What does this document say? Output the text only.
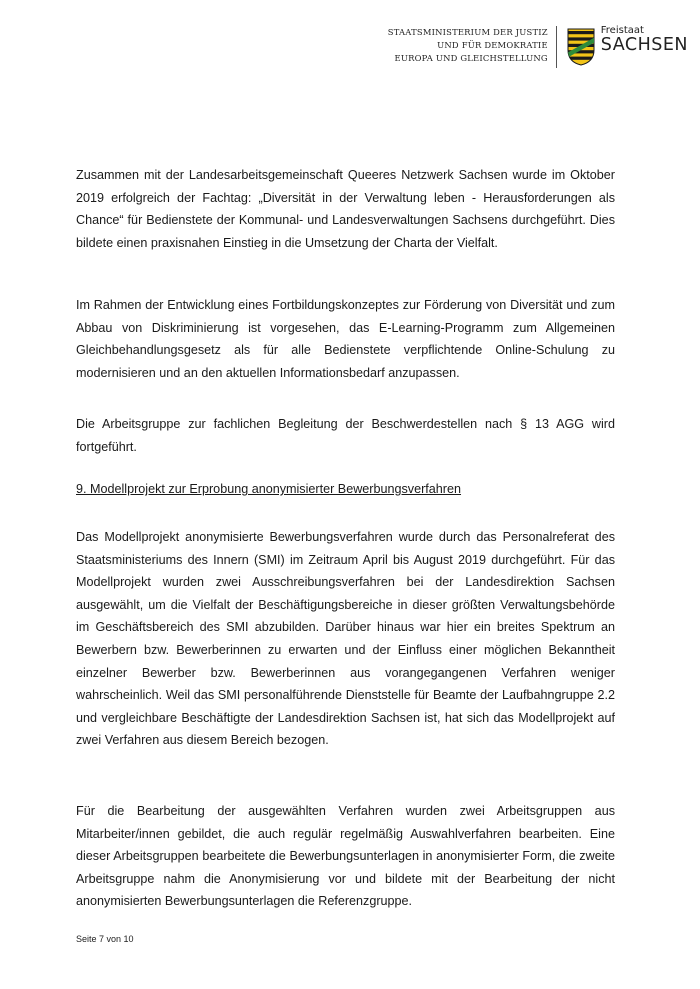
STAATSMINISTERIUM DER JUSTIZ
UND FÜR DEMOKRATIE
EUROPA UND GLEICHSTELLUNG
Freistaat
SACHSEN

Zusammen mit der Landesarbeitsgemeinschaft Queeres Netzwerk Sachsen wurde im Oktober 2019 erfolgreich der Fachtag: „Diversität in der Verwaltung leben - Herausforderungen als Chance“ für Bedienstete der Kommunal- und Landesverwaltungen Sachsens durchgeführt. Dies bildete einen praxisnahen Einstieg in die Umsetzung der Charta der Vielfalt.

Im Rahmen der Entwicklung eines Fortbildungskonzeptes zur Förderung von Diversität und zum Abbau von Diskriminierung ist vorgesehen, das E-Learning-Programm zum Allgemeinen Gleichbehandlungsgesetz als für alle Bedienstete verpflichtende Online-Schulung zu modernisieren und an den aktuellen Informationsbedarf anzupassen.

Die Arbeitsgruppe zur fachlichen Begleitung der Beschwerdestellen nach § 13 AGG wird fortgeführt.

9. Modellprojekt zur Erprobung anonymisierter Bewerbungsverfahren

Das Modellprojekt anonymisierte Bewerbungsverfahren wurde durch das Personalreferat des Staatsministeriums des Innern (SMI) im Zeitraum April bis August 2019 durchgeführt. Für das Modellprojekt wurden zwei Ausschreibungsverfahren bei der Landesdirektion Sachsen ausgewählt, um die Vielfalt der Beschäftigungsbereiche in dieser größten Verwaltungsbehörde im Geschäftsbereich des SMI abzubilden. Darüber hinaus war hier ein breites Spektrum an Bewerbern bzw. Bewerberinnen zu erwarten und der Einfluss einer möglichen Bekanntheit einzelner Bewerber bzw. Bewerberinnen aus vorangegangenen Verfahren weniger wahrscheinlich. Weil das SMI personalführende Dienststelle für Beamte der Laufbahngruppe 2.2 und vergleichbare Beschäftigte der Landesdirektion Sachsen ist, hat sich das Modellprojekt auf zwei Verfahren aus diesem Bereich bezogen.

Für die Bearbeitung der ausgewählten Verfahren wurden zwei Arbeitsgruppen aus Mitarbeiter/innen gebildet, die auch regulär regelmäßig Auswahlverfahren bearbeiten. Eine dieser Arbeitsgruppen bearbeitete die Bewerbungsunterlagen in anonymisierter Form, die zweite Arbeitsgruppe nahm die Anonymisierung vor und bildete mit der Bearbeitung der nicht anonymisierten Bewerbungsunterlagen die Referenzgruppe.

Seite 7 von 10
